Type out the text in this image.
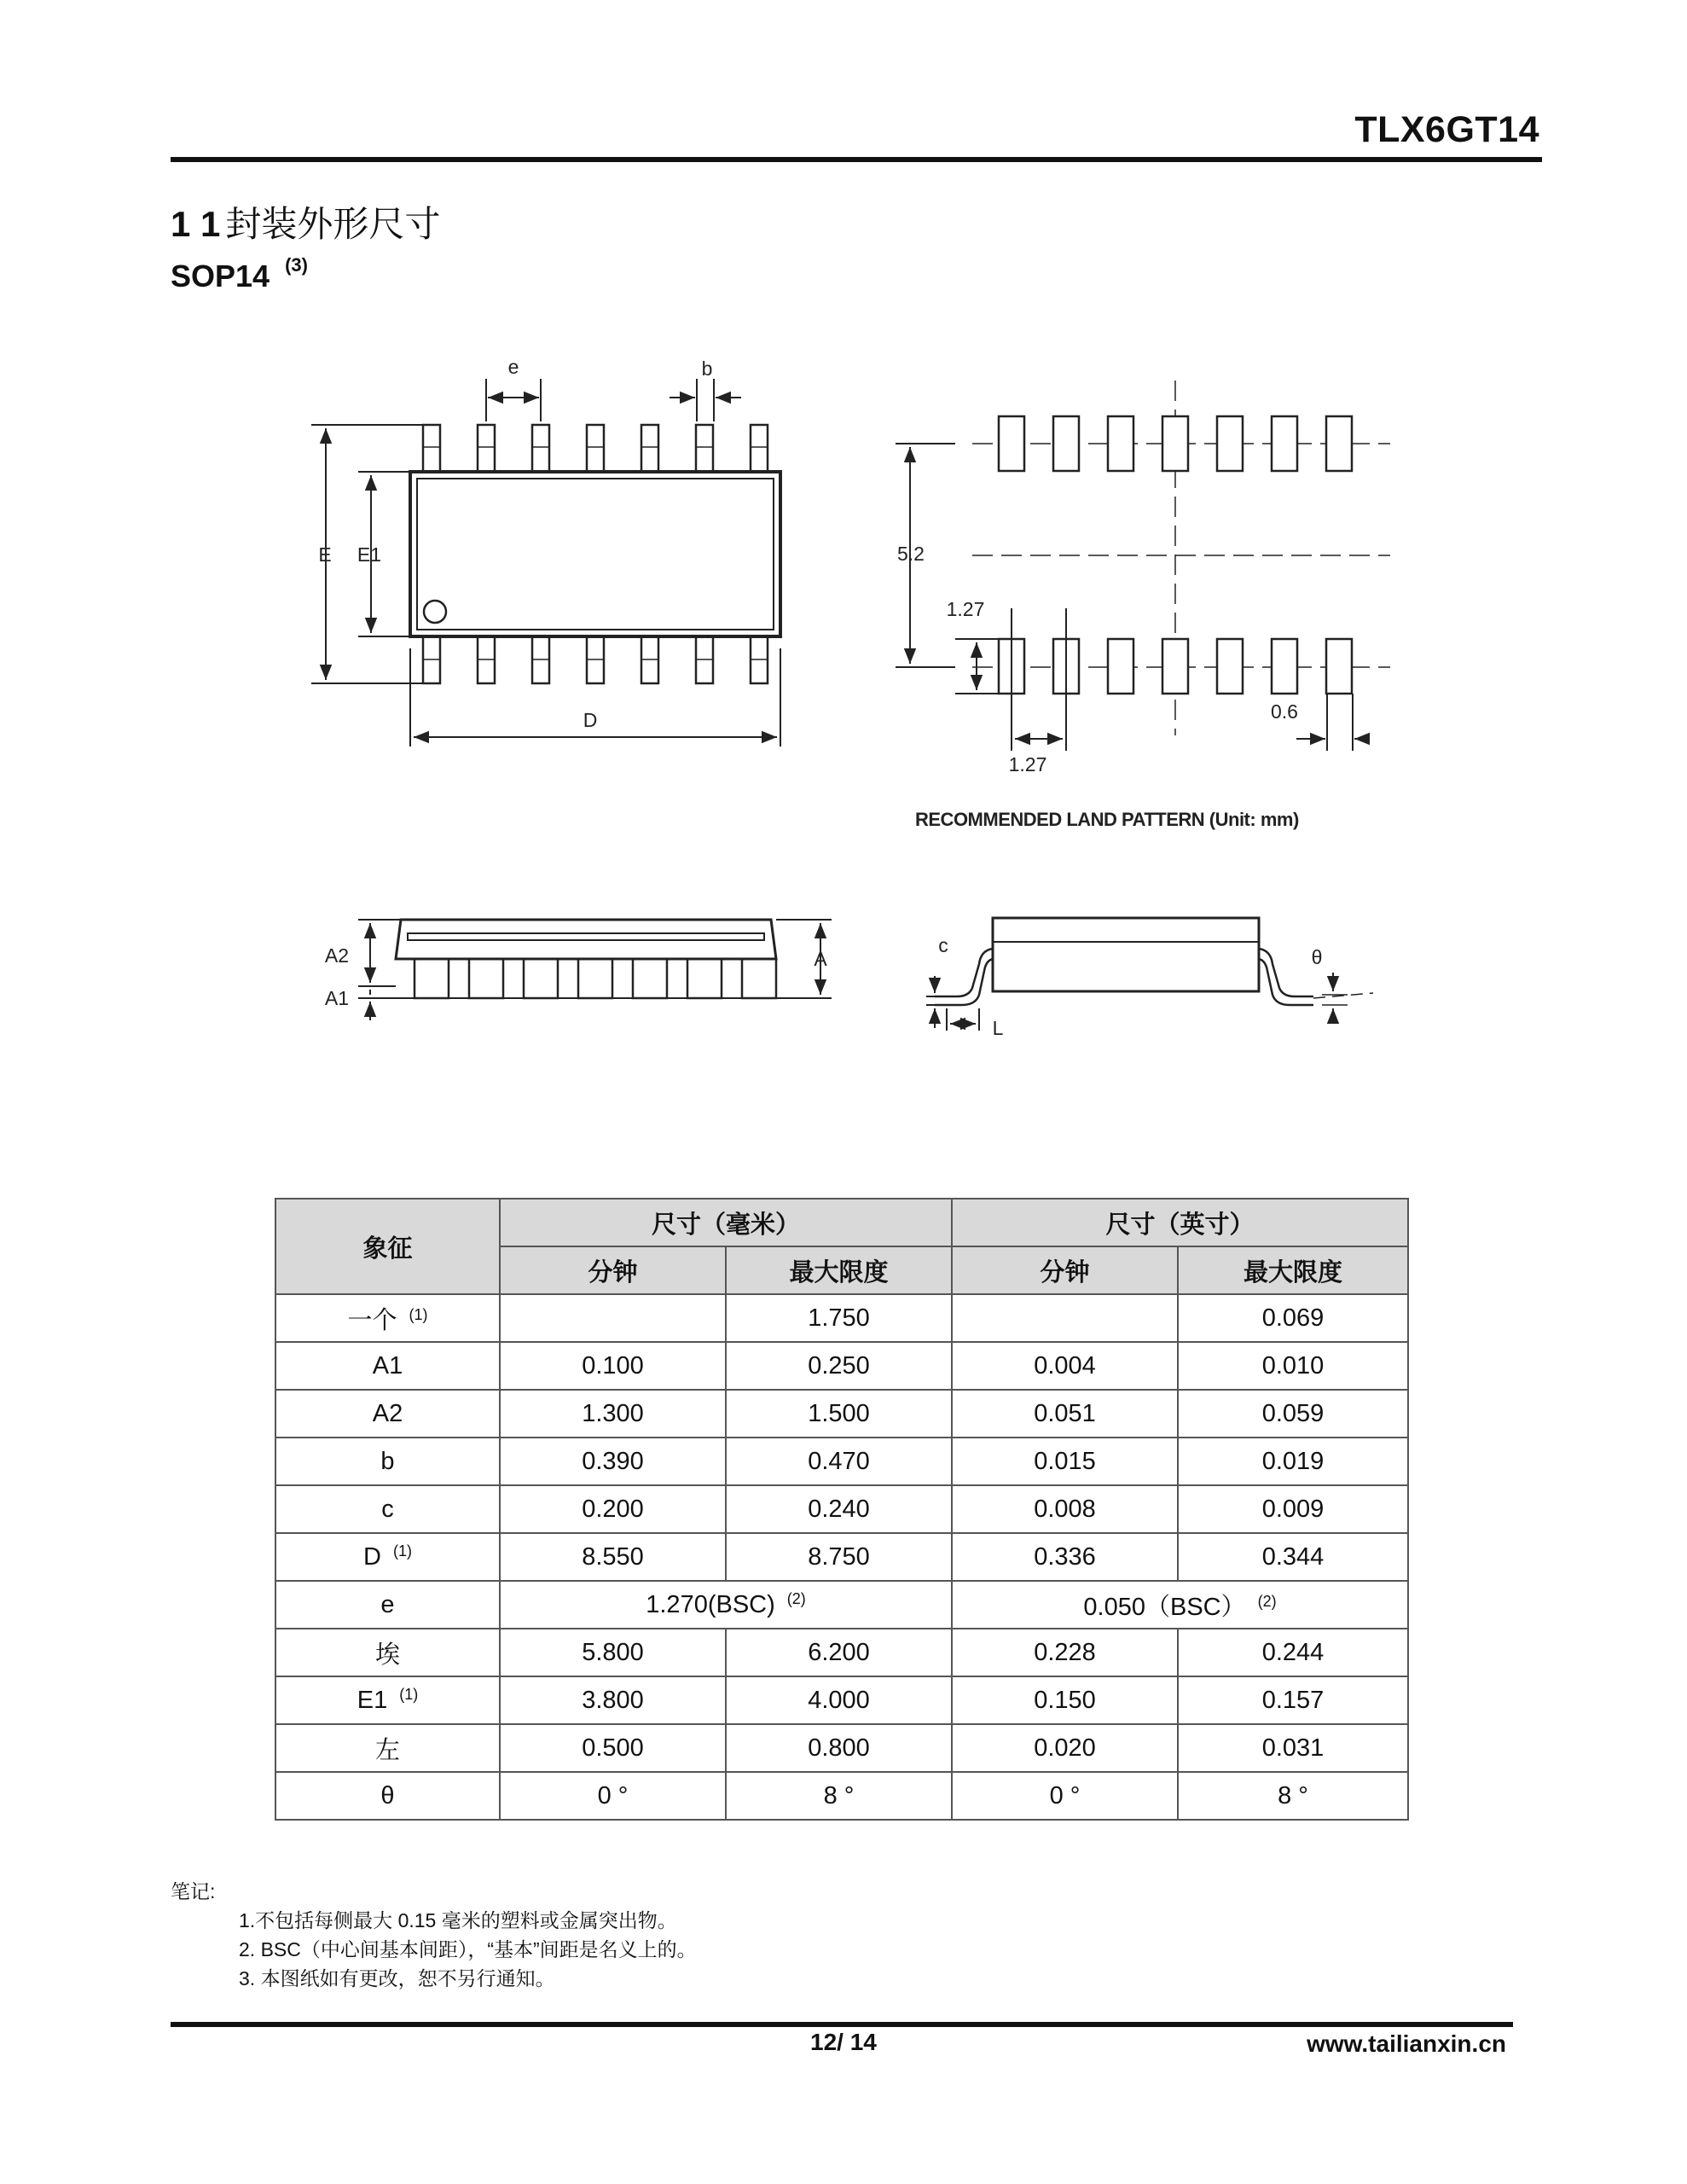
TLX6GT14
1 1 封装外形尺寸
SOP14 $^{(3)}$
e	b
E E1
D
5.2
1.27
1.27
0.6
RECOMMENDED LAND PATTERN (Unit: mm)
A2
A1
A
c
θ
L
象征	尺寸（毫米）		尺寸（英寸）	
	分钟	最大限度	分钟	最大限度
一个 $^{(1)}$		1.750		0.069
A1	0.100	0.250	0.004	0.010
A2	1.300	1.500	0.051	0.059
b	0.390	0.470	0.015	0.019
c	0.200	0.240	0.008	0.009
D $^{(1)}$	8.550	8.750	0.336	0.344
e	1.270(BSC) $^{(2)}$		0.050（BSC） $^{(2)}$
埃	5.800	6.200	0.228	0.244
E1 $^{(1)}$	3.800	4.000	0.150	0.157
左	0.500	0.800	0.020	0.031
θ	0 °	8 °	0 °	8 °
笔记:
1.不包括每侧最大 0.15 毫米的塑料或金属突出物。
2. BSC（中心间基本间距），“基本”间距是名义上的。
3. 本图纸如有更改，恕不另行通知。
12/ 14	www.tailianxin.cn
